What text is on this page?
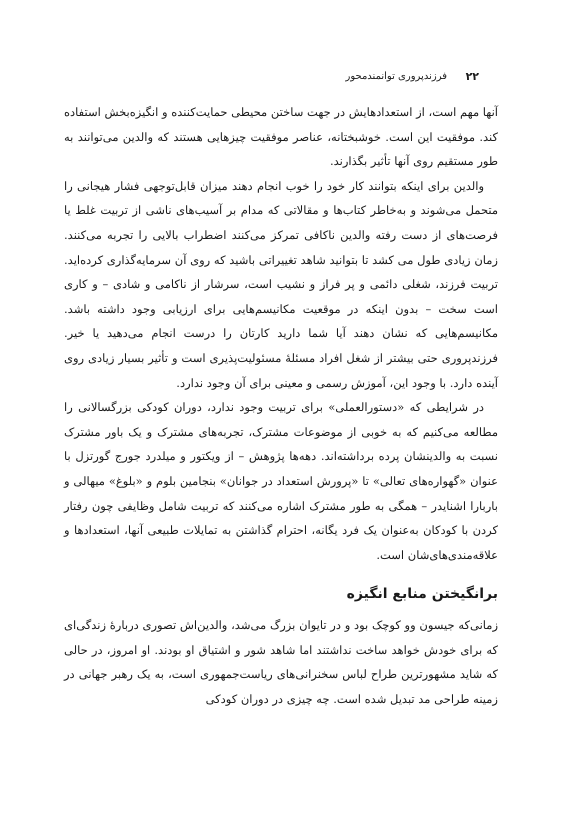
۲۲
فرزندپروری توانمندمحور

آنها مهم است، از استعدادهایش در جهت ساختن محیطی حمایت‌کننده و انگیزه‌بخش استفاده کند. موفقیت این است. خوشبختانه، عناصر موفقیت چیزهایی هستند که والدین می‌توانند به طور مستقیم روی آنها تأثیر بگذارند.

والدین برای اینکه بتوانند کار خود را خوب انجام دهند میزان قابل‌توجهی فشار هیجانی را متحمل می‌شوند و به‌خاطر کتاب‌ها و مقالاتی که مدام بر آسیب‌های ناشی از تربیت غلط یا فرصت‌های از دست رفته والدین ناکافی تمرکز می‌کنند اضطراب بالایی را تجربه می‌کنند. زمان زیادی طول می‌ کشد تا بتوانید شاهد تغییراتی باشید که روی آن سرمایه‌گذاری کرده‌اید. تربیت فرزند، شغلی دائمی و پر فراز و نشیب است، سرشار از ناکامی و شادی – و کاری است سخت – بدون اینکه در موقعیت مکانیسم‌هایی برای ارزیابی وجود داشته باشد. مکانیسم‌هایی که نشان دهند آیا شما دارید کارتان را درست انجام می‌دهید یا خیر. فرزندپروری حتی بیشتر از شغل افراد مسئلهٔ مسئولیت‌پذیری است و تأثیر بسیار زیادی روی آینده دارد. با وجود این، آموزش رسمی و معینی برای آن وجود ندارد.

در شرایطی که «دستورالعملی» برای تربیت وجود ندارد، دوران کودکی بزرگسالانی را مطالعه می‌کنیم که به خوبی از موضوعات مشترک، تجربه‌های مشترک و یک باور مشترک نسبت به والدینشان پرده برداشته‌اند. دهه‌ها پژوهش – از ویکتور و میلدرد جورج گورتزل با عنوان «گهواره‌های تعالی» تا «پرورش استعداد در جوانان» بنجامین بلوم و «بلوغ» میهالی و باربارا اشنایدر – همگی به طور مشترک اشاره می‌کنند که تربیت شامل وظایفی چون رفتار کردن با کودکان به‌عنوان یک فرد یگانه، احترام گذاشتن به تمایلات طبیعی آنها، استعدادها و علاقه‌مندی‌های‌شان است.

برانگیختن منابع انگیزه

زمانی‌که جیسون وو کوچک بود و در تایوان بزرگ می‌شد، والدین‌اش تصوری دربارهٔ زندگی‌ای که برای خودش خواهد ساخت نداشتند اما شاهد شور و اشتیاق او بودند. او امروز، در حالی که شاید مشهورترین طراح لباس سخنرانی‌های ریاست‌جمهوری است، به یک رهبر جهانی در زمینه طراحی مد تبدیل شده است. چه چیزی در دوران کودکی
